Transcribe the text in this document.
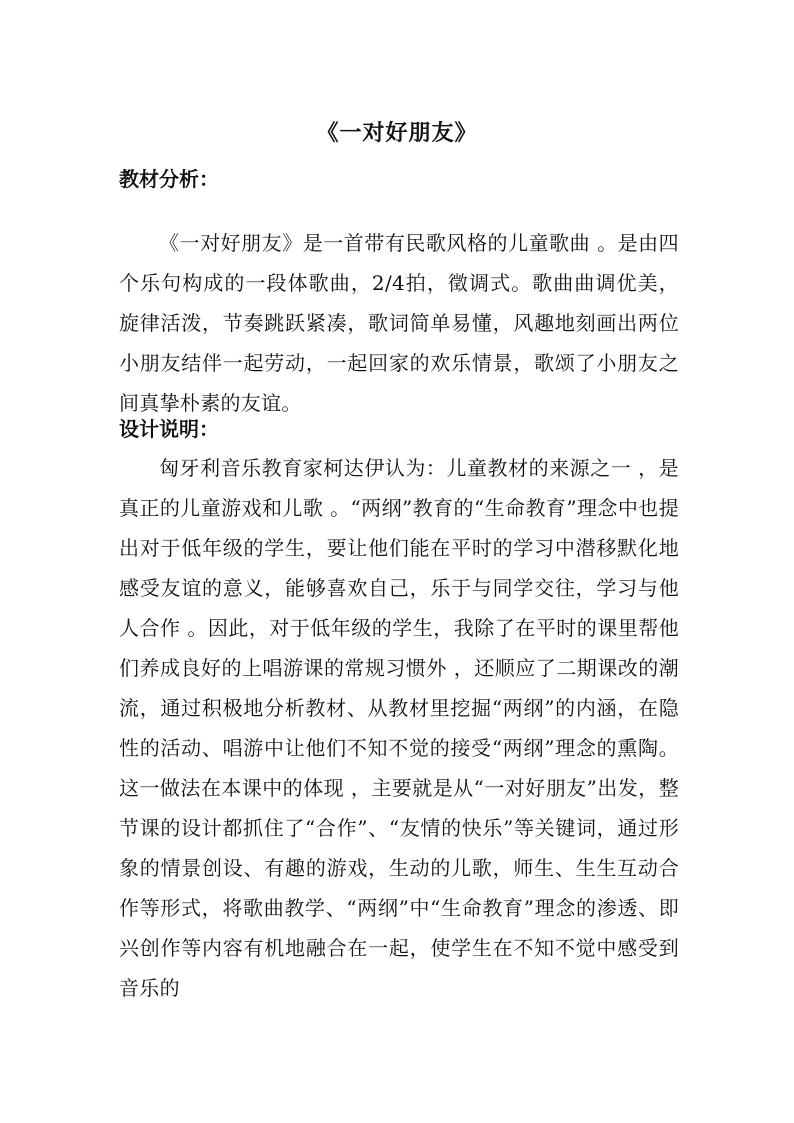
《一对好朋友》
教材分析：
《一对好朋友》是一首带有民歌风格的儿童歌曲 。是由四个乐句构成的一段体歌曲，2/4拍，徵调式。歌曲曲调优美，旋律活泼，节奏跳跃紧凑，歌词简单易懂，风趣地刻画出两位小朋友结伴一起劳动，一起回家的欢乐情景，歌颂了小朋友之间真挚朴素的友谊。
设计说明：
匈牙利音乐教育家柯达伊认为：儿童教材的来源之一 ，是真正的儿童游戏和儿歌 。“两纲”教育的“生命教育”理念中也提出对于低年级的学生，要让他们能在平时的学习中潜移默化地感受友谊的意义，能够喜欢自己，乐于与同学交往，学习与他人合作 。因此，对于低年级的学生，我除了在平时的课里帮他们养成良好的上唱游课的常规习惯外 ，还顺应了二期课改的潮流，通过积极地分析教材、从教材里挖掘“两纲”的内涵，在隐性的活动、唱游中让他们不知不觉的接受“两纲”理念的熏陶。这一做法在本课中的体现 ，主要就是从“一对好朋友”出发，整节课的设计都抓住了“合作”、“友情的快乐”等关键词，通过形象的情景创设、有趣的游戏，生动的儿歌，师生、生生互动合作等形式，将歌曲教学、“两纲”中“生命教育”理念的渗透、即兴创作等内容有机地融合在一起，使学生在不知不觉中感受到音乐的
